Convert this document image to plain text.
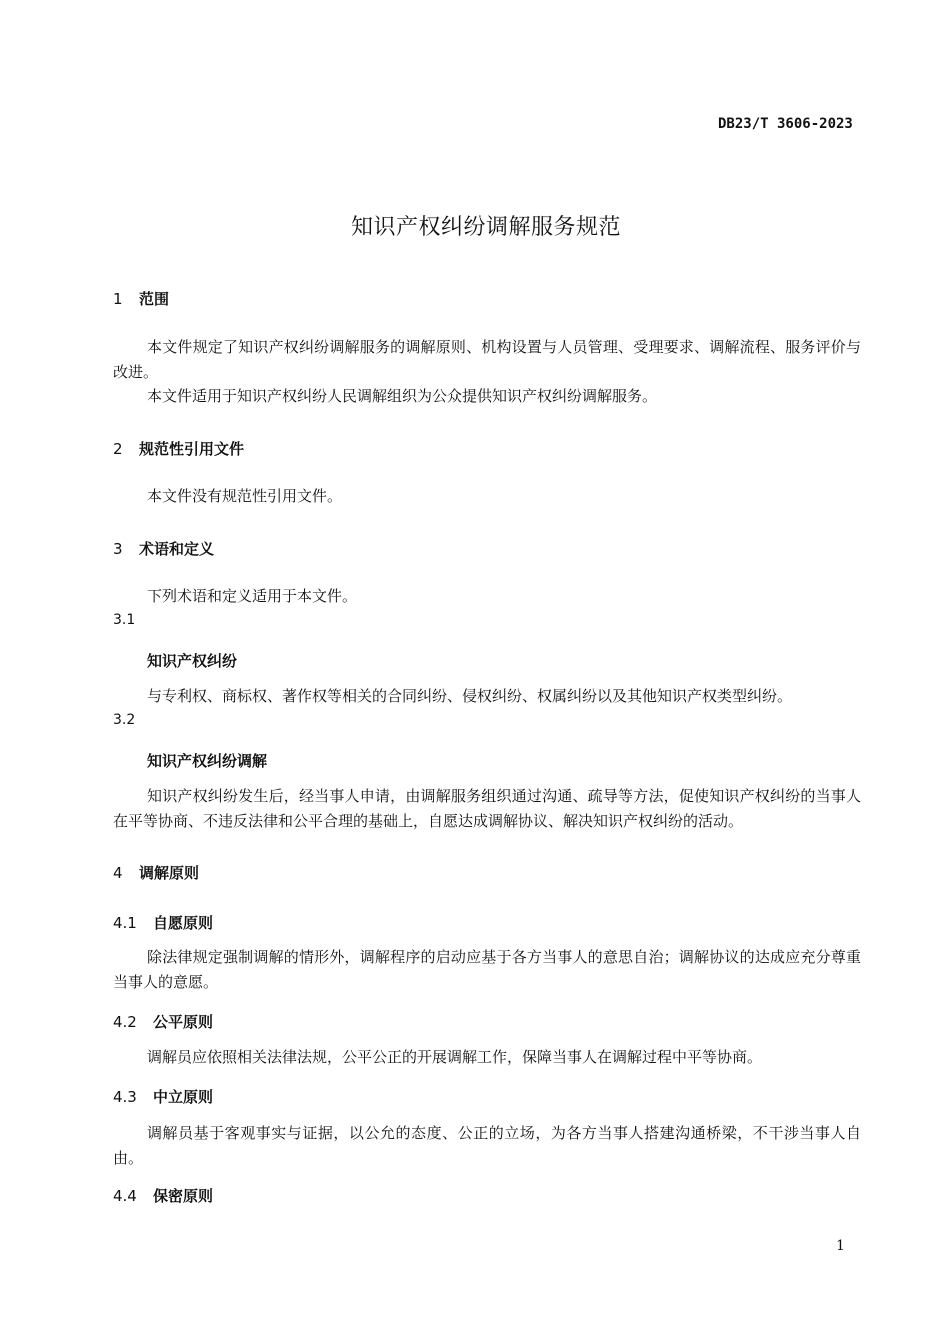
DB23/T 3606-2023
知识产权纠纷调解服务规范
1 范围
本文件规定了知识产权纠纷调解服务的调解原则、机构设置与人员管理、受理要求、调解流程、服务评价与改进。
本文件适用于知识产权纠纷人民调解组织为公众提供知识产权纠纷调解服务。
2 规范性引用文件
本文件没有规范性引用文件。
3 术语和定义
下列术语和定义适用于本文件。
3.1
知识产权纠纷
与专利权、商标权、著作权等相关的合同纠纷、侵权纠纷、权属纠纷以及其他知识产权类型纠纷。
3.2
知识产权纠纷调解
知识产权纠纷发生后，经当事人申请，由调解服务组织通过沟通、疏导等方法，促使知识产权纠纷的当事人在平等协商、不违反法律和公平合理的基础上，自愿达成调解协议、解决知识产权纠纷的活动。
4 调解原则
4.1 自愿原则
除法律规定强制调解的情形外，调解程序的启动应基于各方当事人的意思自治；调解协议的达成应充分尊重当事人的意愿。
4.2 公平原则
调解员应依照相关法律法规，公平公正的开展调解工作，保障当事人在调解过程中平等协商。
4.3 中立原则
调解员基于客观事实与证据，以公允的态度、公正的立场，为各方当事人搭建沟通桥梁，不干涉当事人自由。
4.4 保密原则
1
